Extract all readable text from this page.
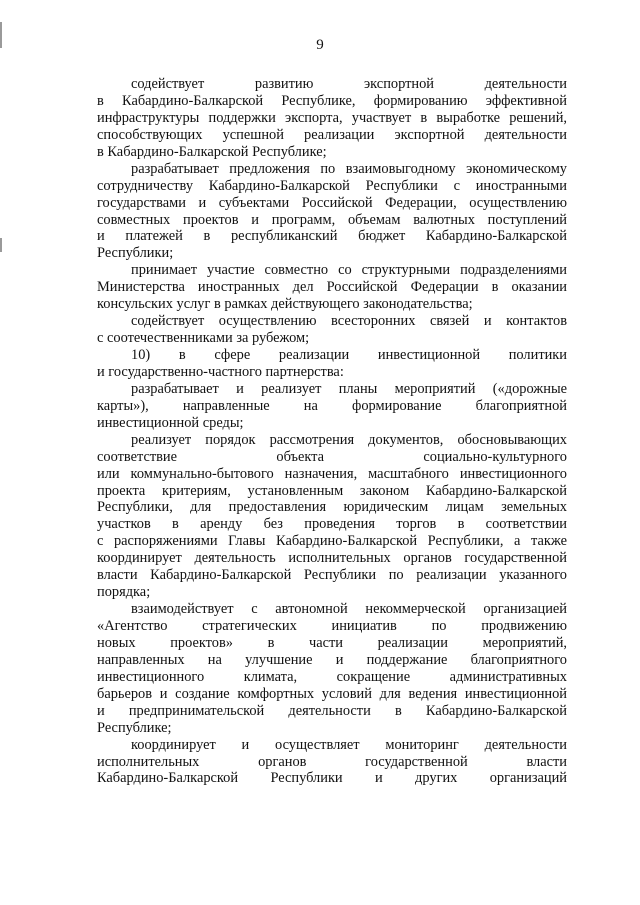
9
содействует развитию экспортной деятельности
в Кабардино-Балкарской Республике, формированию эффективной
инфраструктуры поддержки экспорта, участвует в выработке решений,
способствующих успешной реализации экспортной деятельности
в Кабардино-Балкарской Республике;
разрабатывает предложения по взаимовыгодному экономическому
сотрудничеству Кабардино-Балкарской Республики с иностранными
государствами и субъектами Российской Федерации, осуществлению
совместных проектов и программ, объемам валютных поступлений
и платежей в республиканский бюджет Кабардино-Балкарской
Республики;
принимает участие совместно со структурными подразделениями
Министерства иностранных дел Российской Федерации в оказании
консульских услуг в рамках действующего законодательства;
содействует осуществлению всесторонних связей и контактов
с соотечественниками за рубежом;
10) в сфере реализации инвестиционной политики
и государственно-частного партнерства:
разрабатывает и реализует планы мероприятий («дорожные
карты»), направленные на формирование благоприятной
инвестиционной среды;
реализует порядок рассмотрения документов, обосновывающих
соответствие объекта социально-культурного
или коммунально-бытового назначения, масштабного инвестиционного
проекта критериям, установленным законом Кабардино-Балкарской
Республики, для предоставления юридическим лицам земельных
участков в аренду без проведения торгов в соответствии
с распоряжениями Главы Кабардино-Балкарской Республики, а также
координирует деятельность исполнительных органов государственной
власти Кабардино-Балкарской Республики по реализации указанного
порядка;
взаимодействует с автономной некоммерческой организацией
«Агентство стратегических инициатив по продвижению
новых проектов» в части реализации мероприятий,
направленных на улучшение и поддержание благоприятного
инвестиционного климата, сокращение административных
барьеров и создание комфортных условий для ведения инвестиционной
и предпринимательской деятельности в Кабардино-Балкарской
Республике;
координирует и осуществляет мониторинг деятельности
исполнительных органов государственной власти
Кабардино-Балкарской Республики и других организаций
